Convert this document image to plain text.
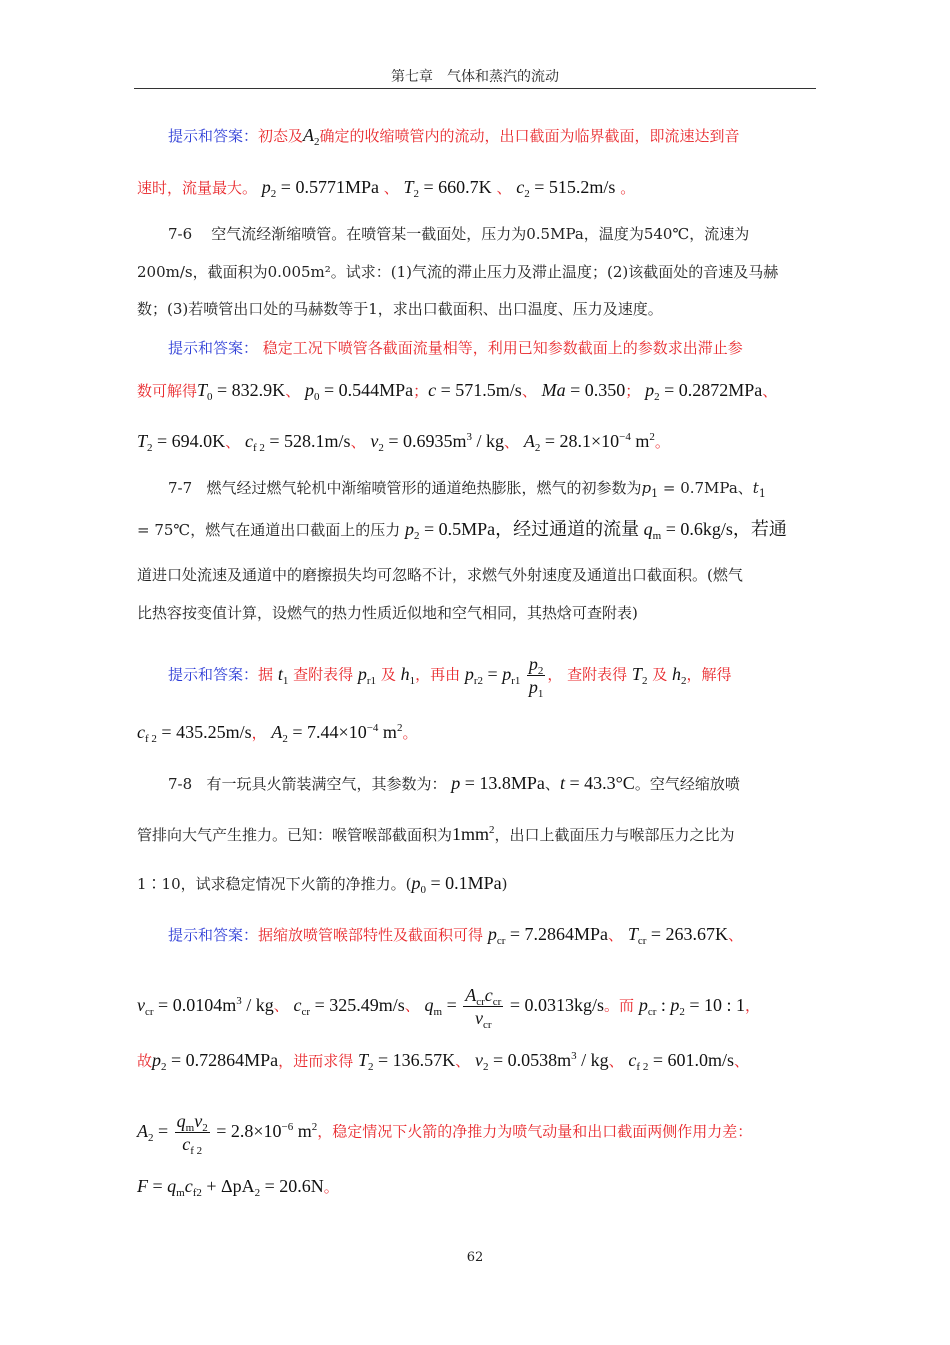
第七章　气体和蒸汽的流动
提示和答案：初态及$A_2$确定的收缩喷管内的流动，出口截面为临界截面，即流速达到音
速时，流量最大。 $p_2 = 0.5771MPa$ 、 $T_2 = 660.7K$ 、 $c_2 = 515.2m/s$ 。
7-6 空气流经渐缩喷管。在喷管某一截面处，压力为0.5MPa，温度为540℃，流速为
200m/s，截面积为0.005m²。试求：(1)气流的滞止压力及滞止温度；(2)该截面处的音速及马赫
数；(3)若喷管出口处的马赫数等于1，求出口截面积、出口温度、压力及速度。
提示和答案： 稳定工况下喷管各截面流量相等，利用已知参数截面上的参数求出滞止参
数可解得$T_0 = 832.9K$、 $p_0 = 0.544MPa$；c = 571.5m/s、 Ma = 0.350； $p_2 = 0.2872MPa$、
$T_2 = 694.0K$、 $c_{f 2} = 528.1m/s$、 $v_2 = 0.6935m^3$ / kg、 $A_2 = 28.1\times 10^{-4}$ $m^2$。
7-7 燃气经过燃气轮机中渐缩喷管形的通道绝热膨胀，燃气的初参数为$p_1 = 0.7MPa$、$t_1$
= 75℃，燃气在通道出口截面上的压力 $p_2 = 0.5MPa$，经过通道的流量 $q_m = 0.6kg/s$，若通
道进口处流速及通道中的磨擦损失均可忽略不计，求燃气外射速度及通道出口截面积。(燃气
比热容按变值计算，设燃气的热力性质近似地和空气相同，其热焓可查附表)
提示和答案：据 $t_1$ 查附表得 $p_{r1}$ 及 $h_1$，再由 $p_{r2} = p_{r1} \frac{p_2}{p_1}$ ， 查附表得 $T_2$ 及 $h_2$，解得
$c_{f 2} = 435.25m/s$， $A_2 = 7.44\times 10^{-4}$ $m^2$。
7-8 有一玩具火箭装满空气，其参数为： p = 13.8MPa、t = 43.3°C。空气经缩放喷
管排向大气产生推力。已知：喉管喉部截面积为$1mm^2$，出口上截面压力与喉部压力之比为
1∶10，试求稳定情况下火箭的净推力。$(p_0 = 0.1MPa)$
提示和答案：据缩放喷管喉部特性及截面积可得 $p_{cr} = 7.2864MPa$、 $T_{cr} = 263.67K$、
$v_{cr} = 0.0104m^3$ / kg、 $c_{cr} = 325.49m/s$、 $q_m = \frac{A_{cr}c_{cr}}{v_{cr}} = 0.0313kg/s$。而 $p_{cr}$ : $p_2 = 10$ : 1，
故$p_2 = 0.72864MPa$，进而求得 $T_2 = 136.57K$、 $v_2 = 0.0538m^3$ / kg、 $c_{f 2} = 601.0m/s$、
$A_2 = \frac{q_mv_2}{c_{f 2}} = 2.8\times 10^{-6}$ $m^2$，稳定情况下火箭的净推力为喷气动量和出口截面两侧作用力差：
$F = q_mc_{f2} + \Delta pA_2 = 20.6N$。
62
